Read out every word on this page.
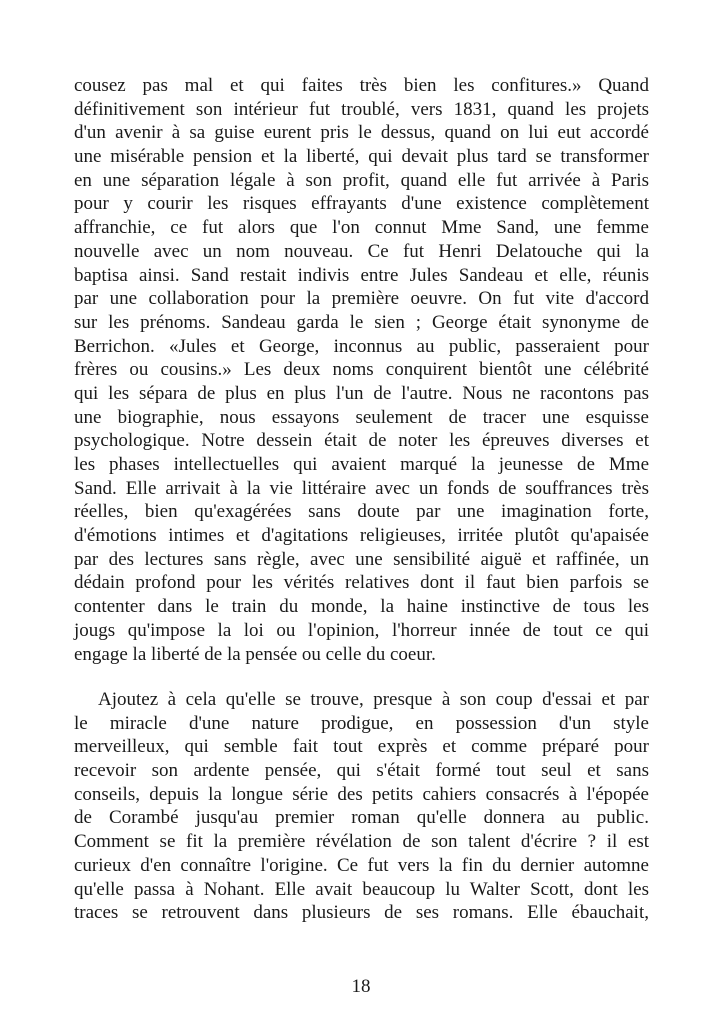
cousez pas mal et qui faites très bien les confitures.» Quand
définitivement son intérieur fut troublé, vers 1831, quand les projets
d'un avenir à sa guise eurent pris le dessus, quand on lui eut accordé
une misérable pension et la liberté, qui devait plus tard se transformer
en une séparation légale à son profit, quand elle fut arrivée à Paris
pour y courir les risques effrayants d'une existence complètement
affranchie, ce fut alors que l'on connut Mme Sand, une femme
nouvelle avec un nom nouveau. Ce fut Henri Delatouche qui la
baptisa ainsi. Sand restait indivis entre Jules Sandeau et elle, réunis
par une collaboration pour la première oeuvre. On fut vite d'accord
sur les prénoms. Sandeau garda le sien ; George était synonyme de
Berrichon. «Jules et George, inconnus au public, passeraient pour
frères ou cousins.» Les deux noms conquirent bientôt une célébrité
qui les sépara de plus en plus l'un de l'autre. Nous ne racontons pas
une biographie, nous essayons seulement de tracer une esquisse
psychologique. Notre dessein était de noter les épreuves diverses et
les phases intellectuelles qui avaient marqué la jeunesse de Mme
Sand. Elle arrivait à la vie littéraire avec un fonds de souffrances très
réelles, bien qu'exagérées sans doute par une imagination forte,
d'émotions intimes et d'agitations religieuses, irritée plutôt qu'apaisée
par des lectures sans règle, avec une sensibilité aiguë et raffinée, un
dédain profond pour les vérités relatives dont il faut bien parfois se
contenter dans le train du monde, la haine instinctive de tous les
jougs qu'impose la loi ou l'opinion, l'horreur innée de tout ce qui
engage la liberté de la pensée ou celle du coeur.
Ajoutez à cela qu'elle se trouve, presque à son coup d'essai et par
le miracle d'une nature prodigue, en possession d'un style
merveilleux, qui semble fait tout exprès et comme préparé pour
recevoir son ardente pensée, qui s'était formé tout seul et sans
conseils, depuis la longue série des petits cahiers consacrés à l'épopée
de Corambé jusqu'au premier roman qu'elle donnera au public.
Comment se fit la première révélation de son talent d'écrire ? il est
curieux d'en connaître l'origine. Ce fut vers la fin du dernier automne
qu'elle passa à Nohant. Elle avait beaucoup lu Walter Scott, dont les
traces se retrouvent dans plusieurs de ses romans. Elle ébauchait,
18
